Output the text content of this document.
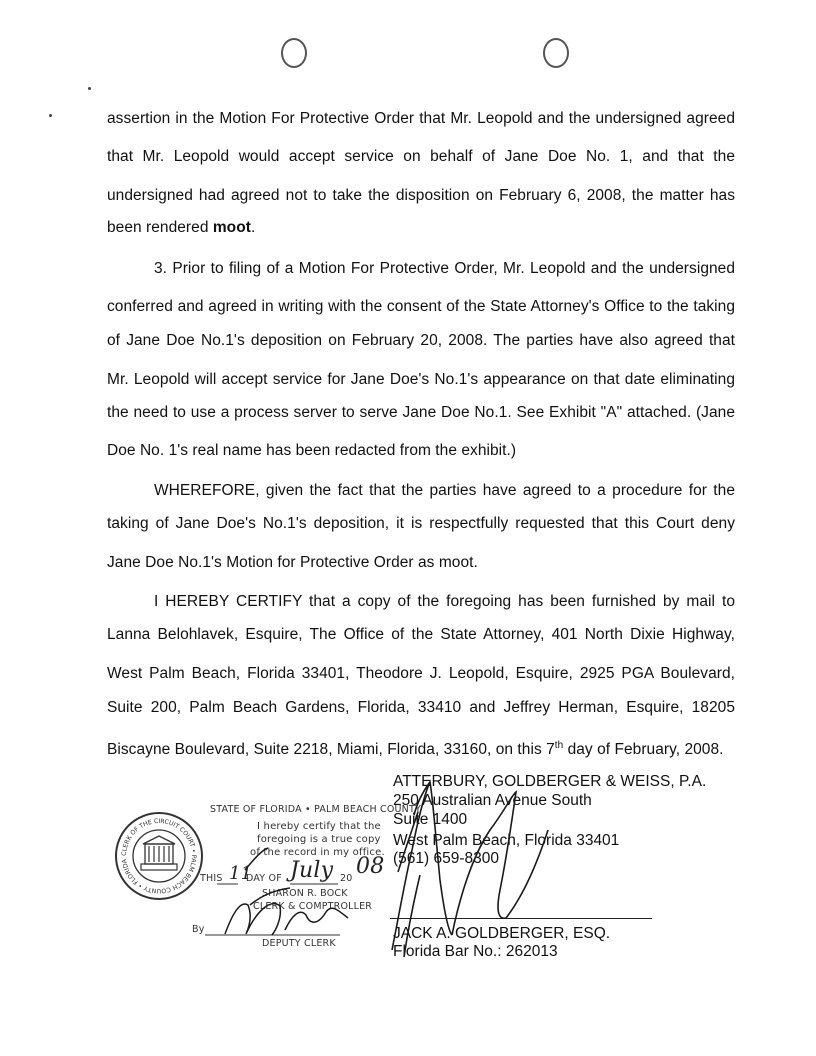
assertion in the Motion For Protective Order that Mr. Leopold and the undersigned agreed
that Mr. Leopold would accept service on behalf of Jane Doe No. 1, and that the
undersigned had agreed not to take the disposition on February 6, 2008, the matter has
been rendered moot.
3. Prior to filing of a Motion For Protective Order, Mr. Leopold and the undersigned
conferred and agreed in writing with the consent of the State Attorney's Office to the taking
of Jane Doe No.1's deposition on February 20, 2008. The parties have also agreed that
Mr. Leopold will accept service for Jane Doe's No.1's appearance on that date eliminating
the need to use a process server to serve Jane Doe No.1. See Exhibit "A" attached. (Jane
Doe No. 1's real name has been redacted from the exhibit.)
WHEREFORE, given the fact that the parties have agreed to a procedure for the
taking of Jane Doe's No.1's deposition, it is respectfully requested that this Court deny
Jane Doe No.1's Motion for Protective Order as moot.
I HEREBY CERTIFY that a copy of the foregoing has been furnished by mail to
Lanna Belohlavek, Esquire, The Office of the State Attorney, 401 North Dixie Highway,
West Palm Beach, Florida 33401, Theodore J. Leopold, Esquire, 2925 PGA Boulevard,
Suite 200, Palm Beach Gardens, Florida, 33410 and Jeffrey Herman, Esquire, 18205
Biscayne Boulevard, Suite 2218, Miami, Florida, 33160, on this 7th day of February, 2008.
ATTERBURY, GOLDBERGER & WEISS, P.A.
250 Australian Avenue South
Suite 1400
West Palm Beach, Florida 33401
(561) 659-8300
JACK A. GOLDBERGER, ESQ.
Florida Bar No.: 262013
CLERK OF THE CIRCUIT COURT • PALM BEACH COUNTY • FLORIDA
STATE OF FLORIDA • PALM BEACH COUNTY
I hereby certify that the
foregoing is a true copy
of the record in my office.
THIS DAY OF	20
SHARON R. BOCK
CLERK & COMPTROLLER
By
DEPUTY CLERK
11 July 08
